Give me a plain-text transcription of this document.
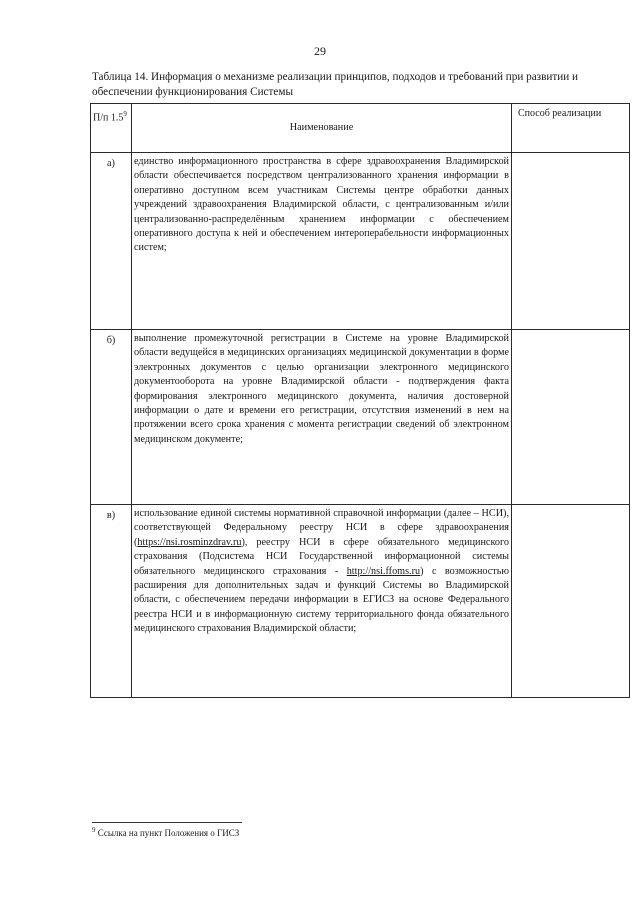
29
Таблица 14. Информация о механизме реализации принципов, подходов и требований при развитии и обеспечении функционирования Системы
П/п $1.5^9$	Наименование	Способ реализации

а)	единство информационного пространства в сфере здравоохранения Владимирской области обеспечивается посредством централизованного хранения информации в оперативно доступном всем участникам Системы центре обработки данных учреждений здравоохранения Владимирской области, с централизованным и/или централизованно-распределённым хранением информации с обеспечением оперативного доступа к ней и обеспечением интероперабельности информационных систем;	

б)	выполнение промежуточной регистрации в Системе на уровне Владимирской области ведущейся в медицинских организациях медицинской документации в форме электронных документов с целью организации электронного медицинского документооборота на уровне Владимирской области - подтверждения факта формирования электронного медицинского документа, наличия достоверной информации о дате и времени его регистрации, отсутствия изменений в нем на протяжении всего срока хранения с момента регистрации сведений об электронном медицинском документе;	

в)	использование единой системы нормативной справочной информации (далее – НСИ), соответствующей Федеральному реестру НСИ в сфере здравоохранения (https://nsi.rosminzdrav.ru), реестру НСИ в сфере обязательного медицинского страхования (Подсистема НСИ Государственной информационной системы обязательного медицинского страхования - http://nsi.ffoms.ru) с возможностью расширения для дополнительных задач и функций Системы во Владимирской области, с обеспечением передачи информации в ЕГИСЗ на основе Федерального реестра НСИ и в информационную систему территориального фонда обязательного медицинского страхования Владимирской области;	
$^9$ Ссылка на пункт Положения о ГИСЗ
